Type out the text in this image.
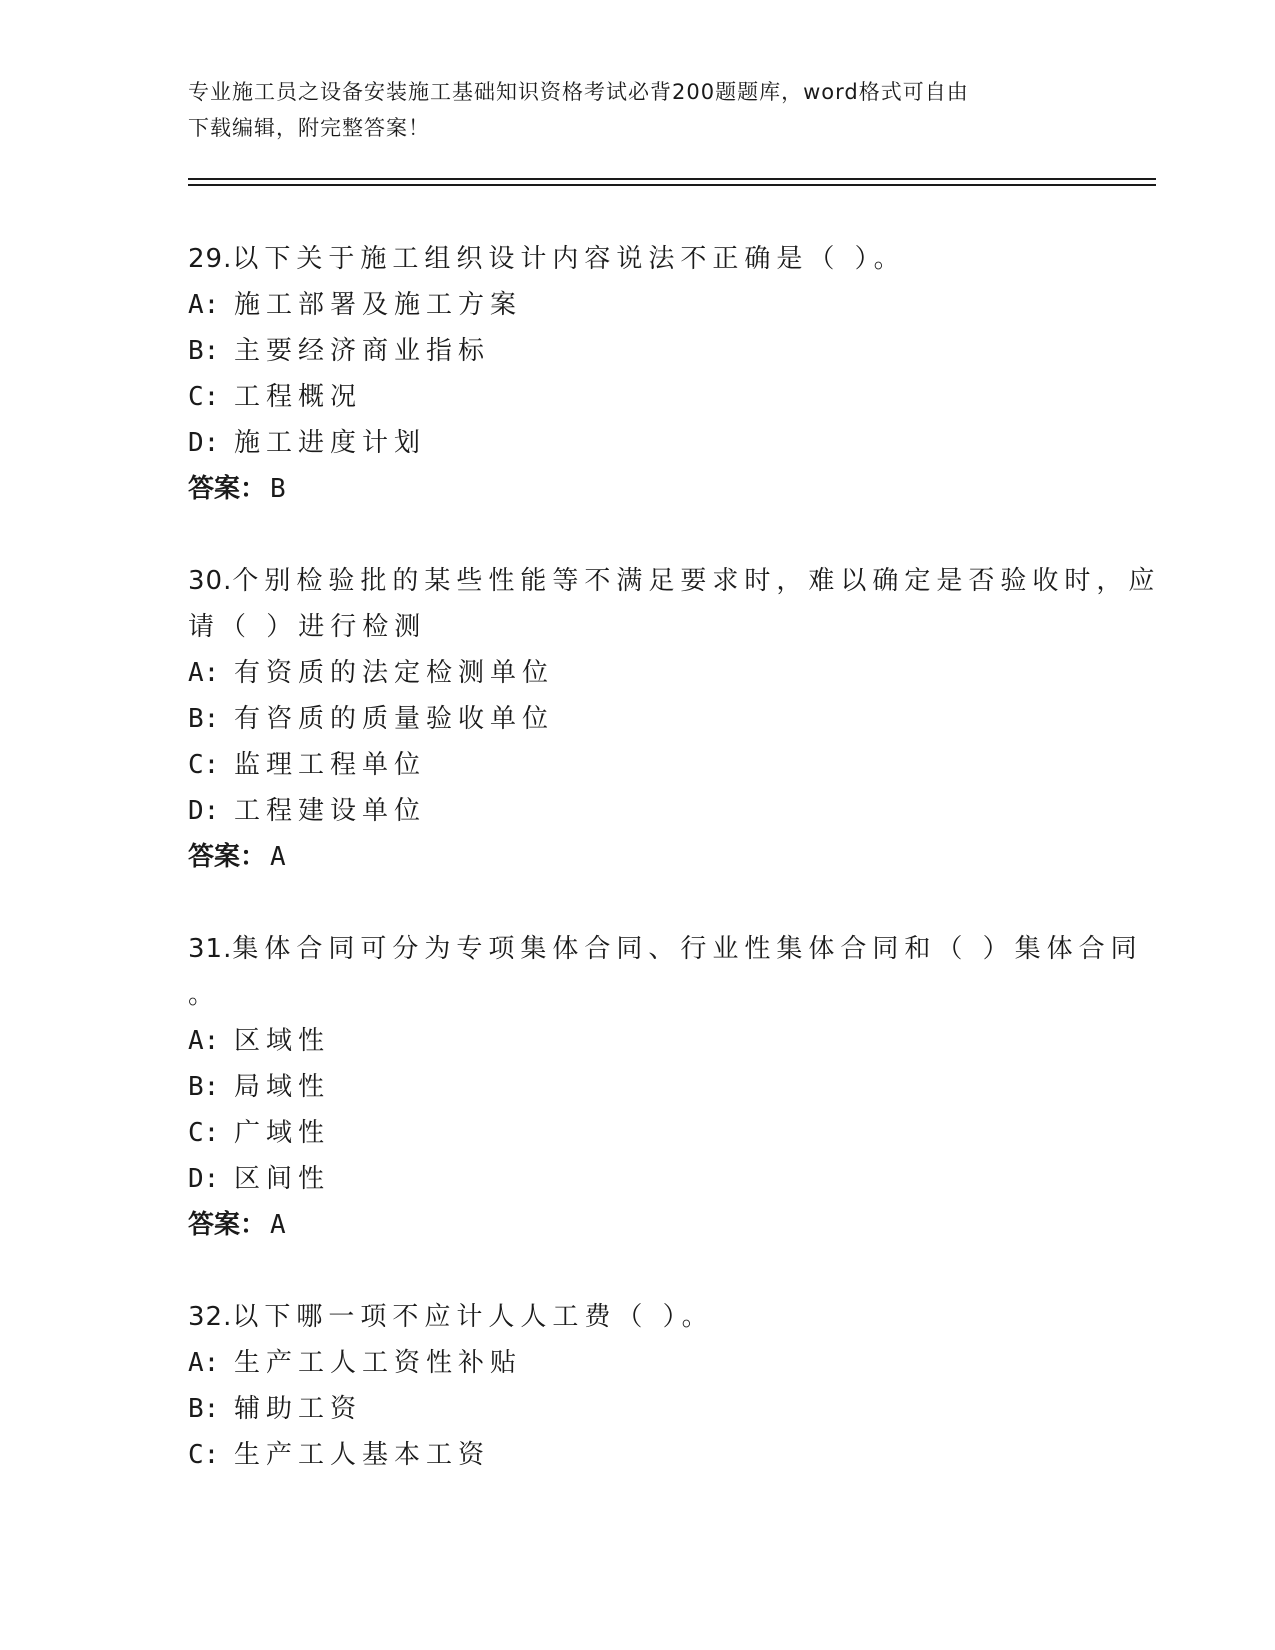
专业施工员之设备安装施工基础知识资格考试必背200题题库，word格式可自由
下载编辑，附完整答案！
29.以下关于施工组织设计内容说法不正确是（ ）。
A: 施工部署及施工方案
B: 主要经济商业指标
C: 工程概况
D: 施工进度计划
答案： B
30.个别检验批的某些性能等不满足要求时，难以确定是否验收时，应
请（ ）进行检测
A: 有资质的法定检测单位
B: 有咨质的质量验收单位
C: 监理工程单位
D: 工程建设单位
答案： A
31.集体合同可分为专项集体合同、行业性集体合同和（ ）集体合同
。
A: 区域性
B: 局域性
C: 广域性
D: 区间性
答案： A
32.以下哪一项不应计人人工费（ ）。
A: 生产工人工资性补贴
B: 辅助工资
C: 生产工人基本工资
